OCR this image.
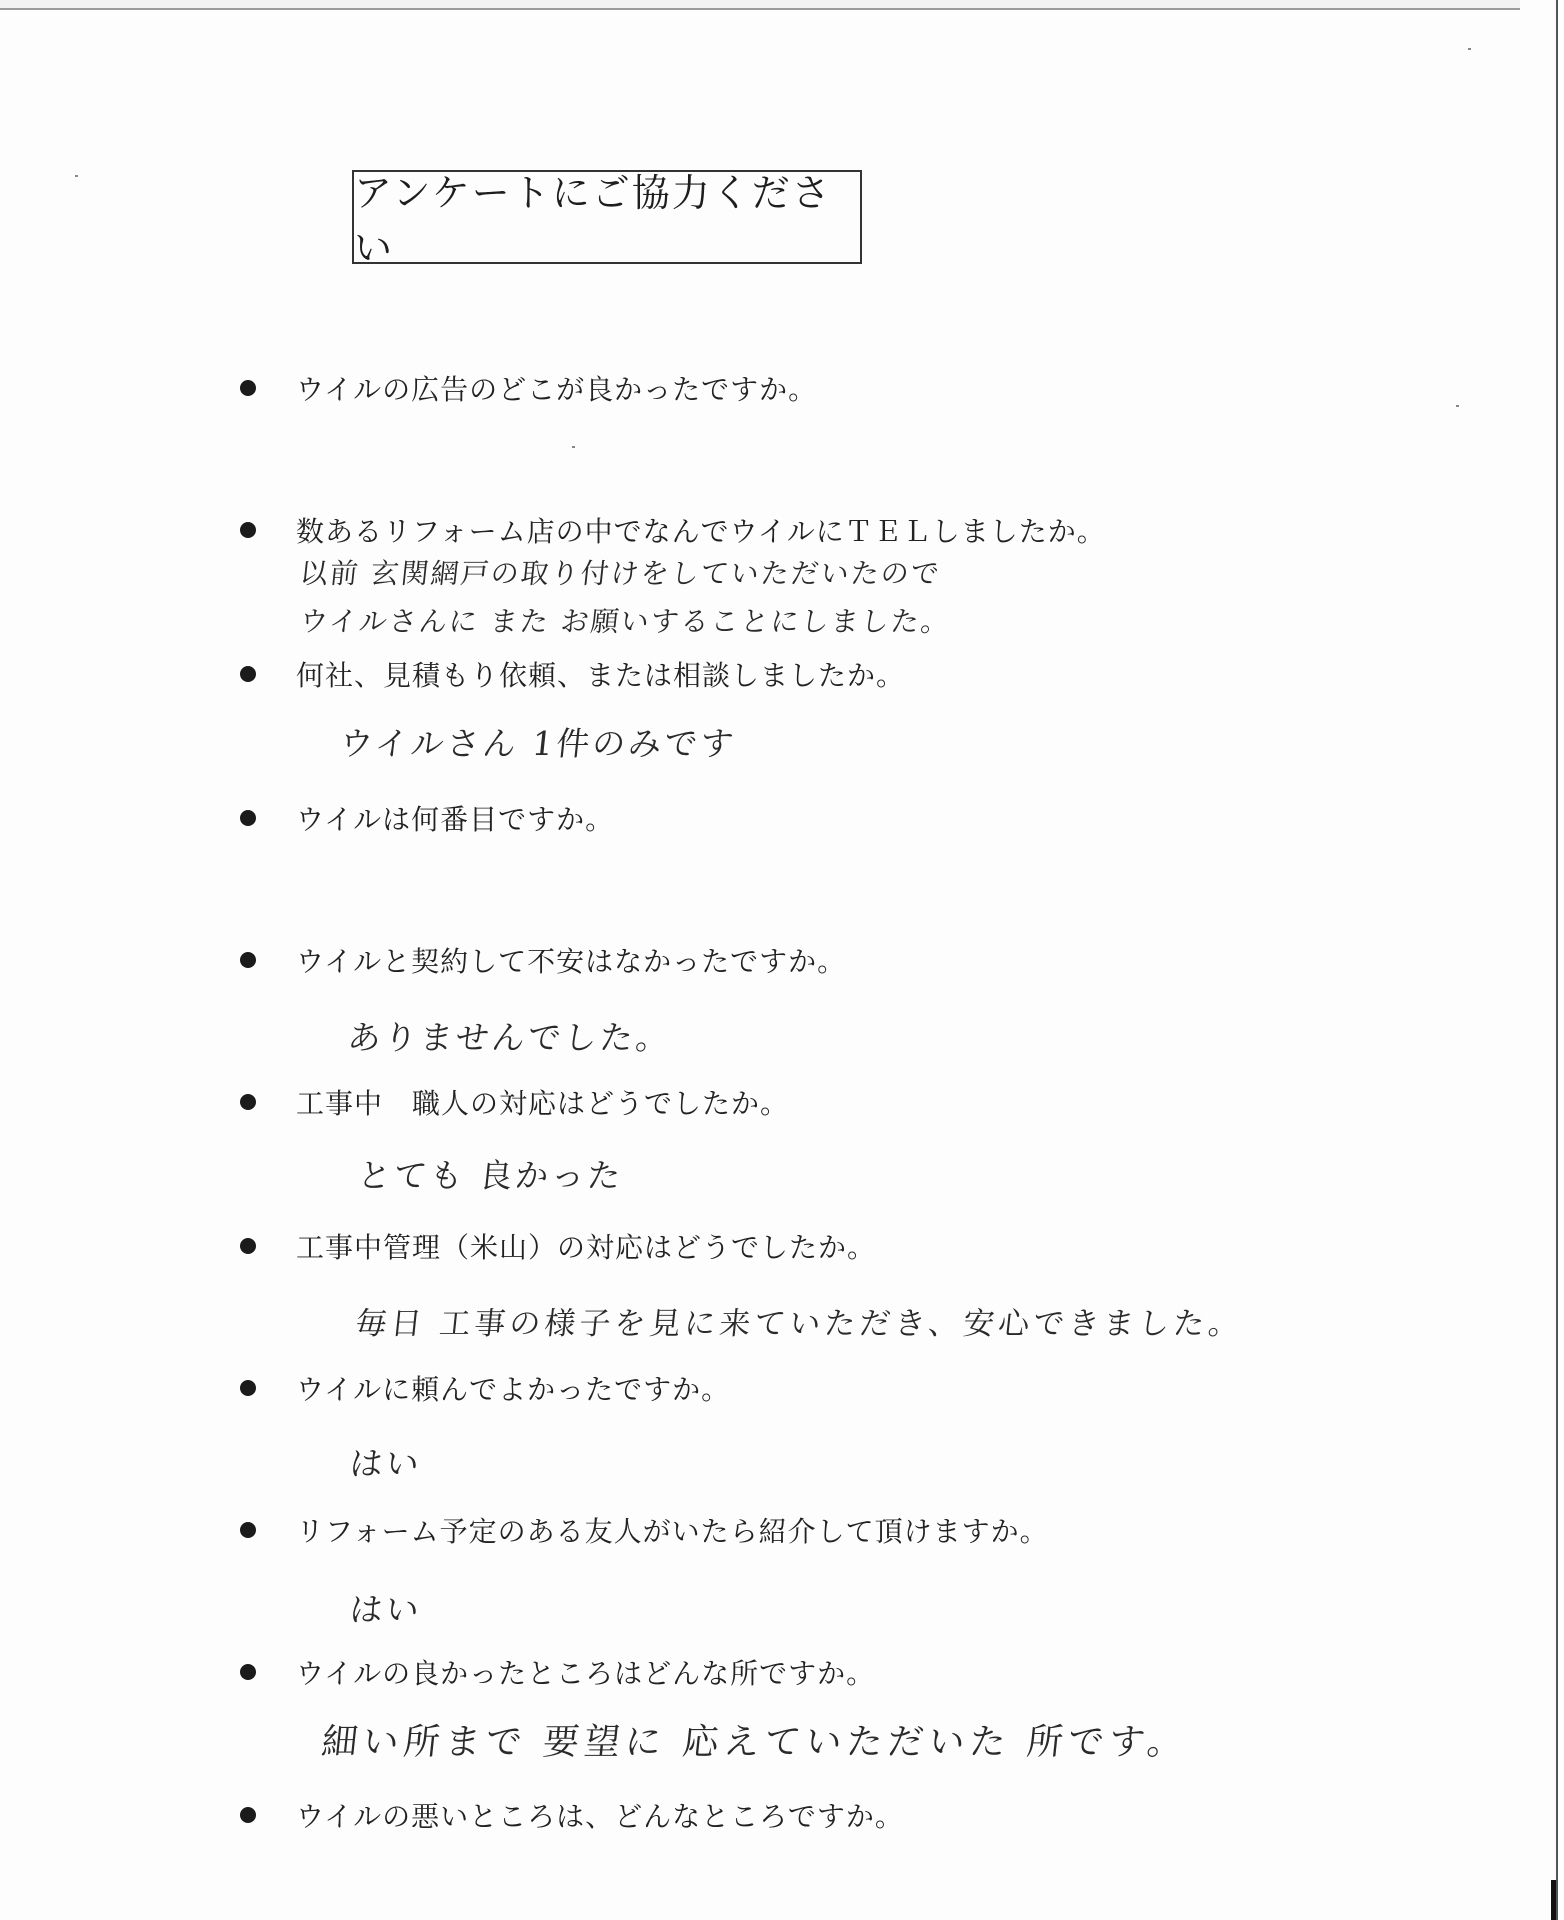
アンケートにご協力ください
ウイルの広告のどこが良かったですか。
数あるリフォーム店の中でなんでウイルにＴＥＬしましたか。
以前 玄関網戸の取り付けをしていただいたので
ウイルさんに また お願いすることにしました。
何社、見積もり依頼、または相談しましたか。
ウイルさん 1件のみです
ウイルは何番目ですか。
ウイルと契約して不安はなかったですか。
ありませんでした。
工事中　職人の対応はどうでしたか。
とても 良かった
工事中管理（米山）の対応はどうでしたか。
毎日 工事の様子を見に来ていただき、安心できました。
ウイルに頼んでよかったですか。
はい
リフォーム予定のある友人がいたら紹介して頂けますか。
はい
ウイルの良かったところはどんな所ですか。
細い所まで 要望に 応えていただいた 所です。
ウイルの悪いところは、どんなところですか。
